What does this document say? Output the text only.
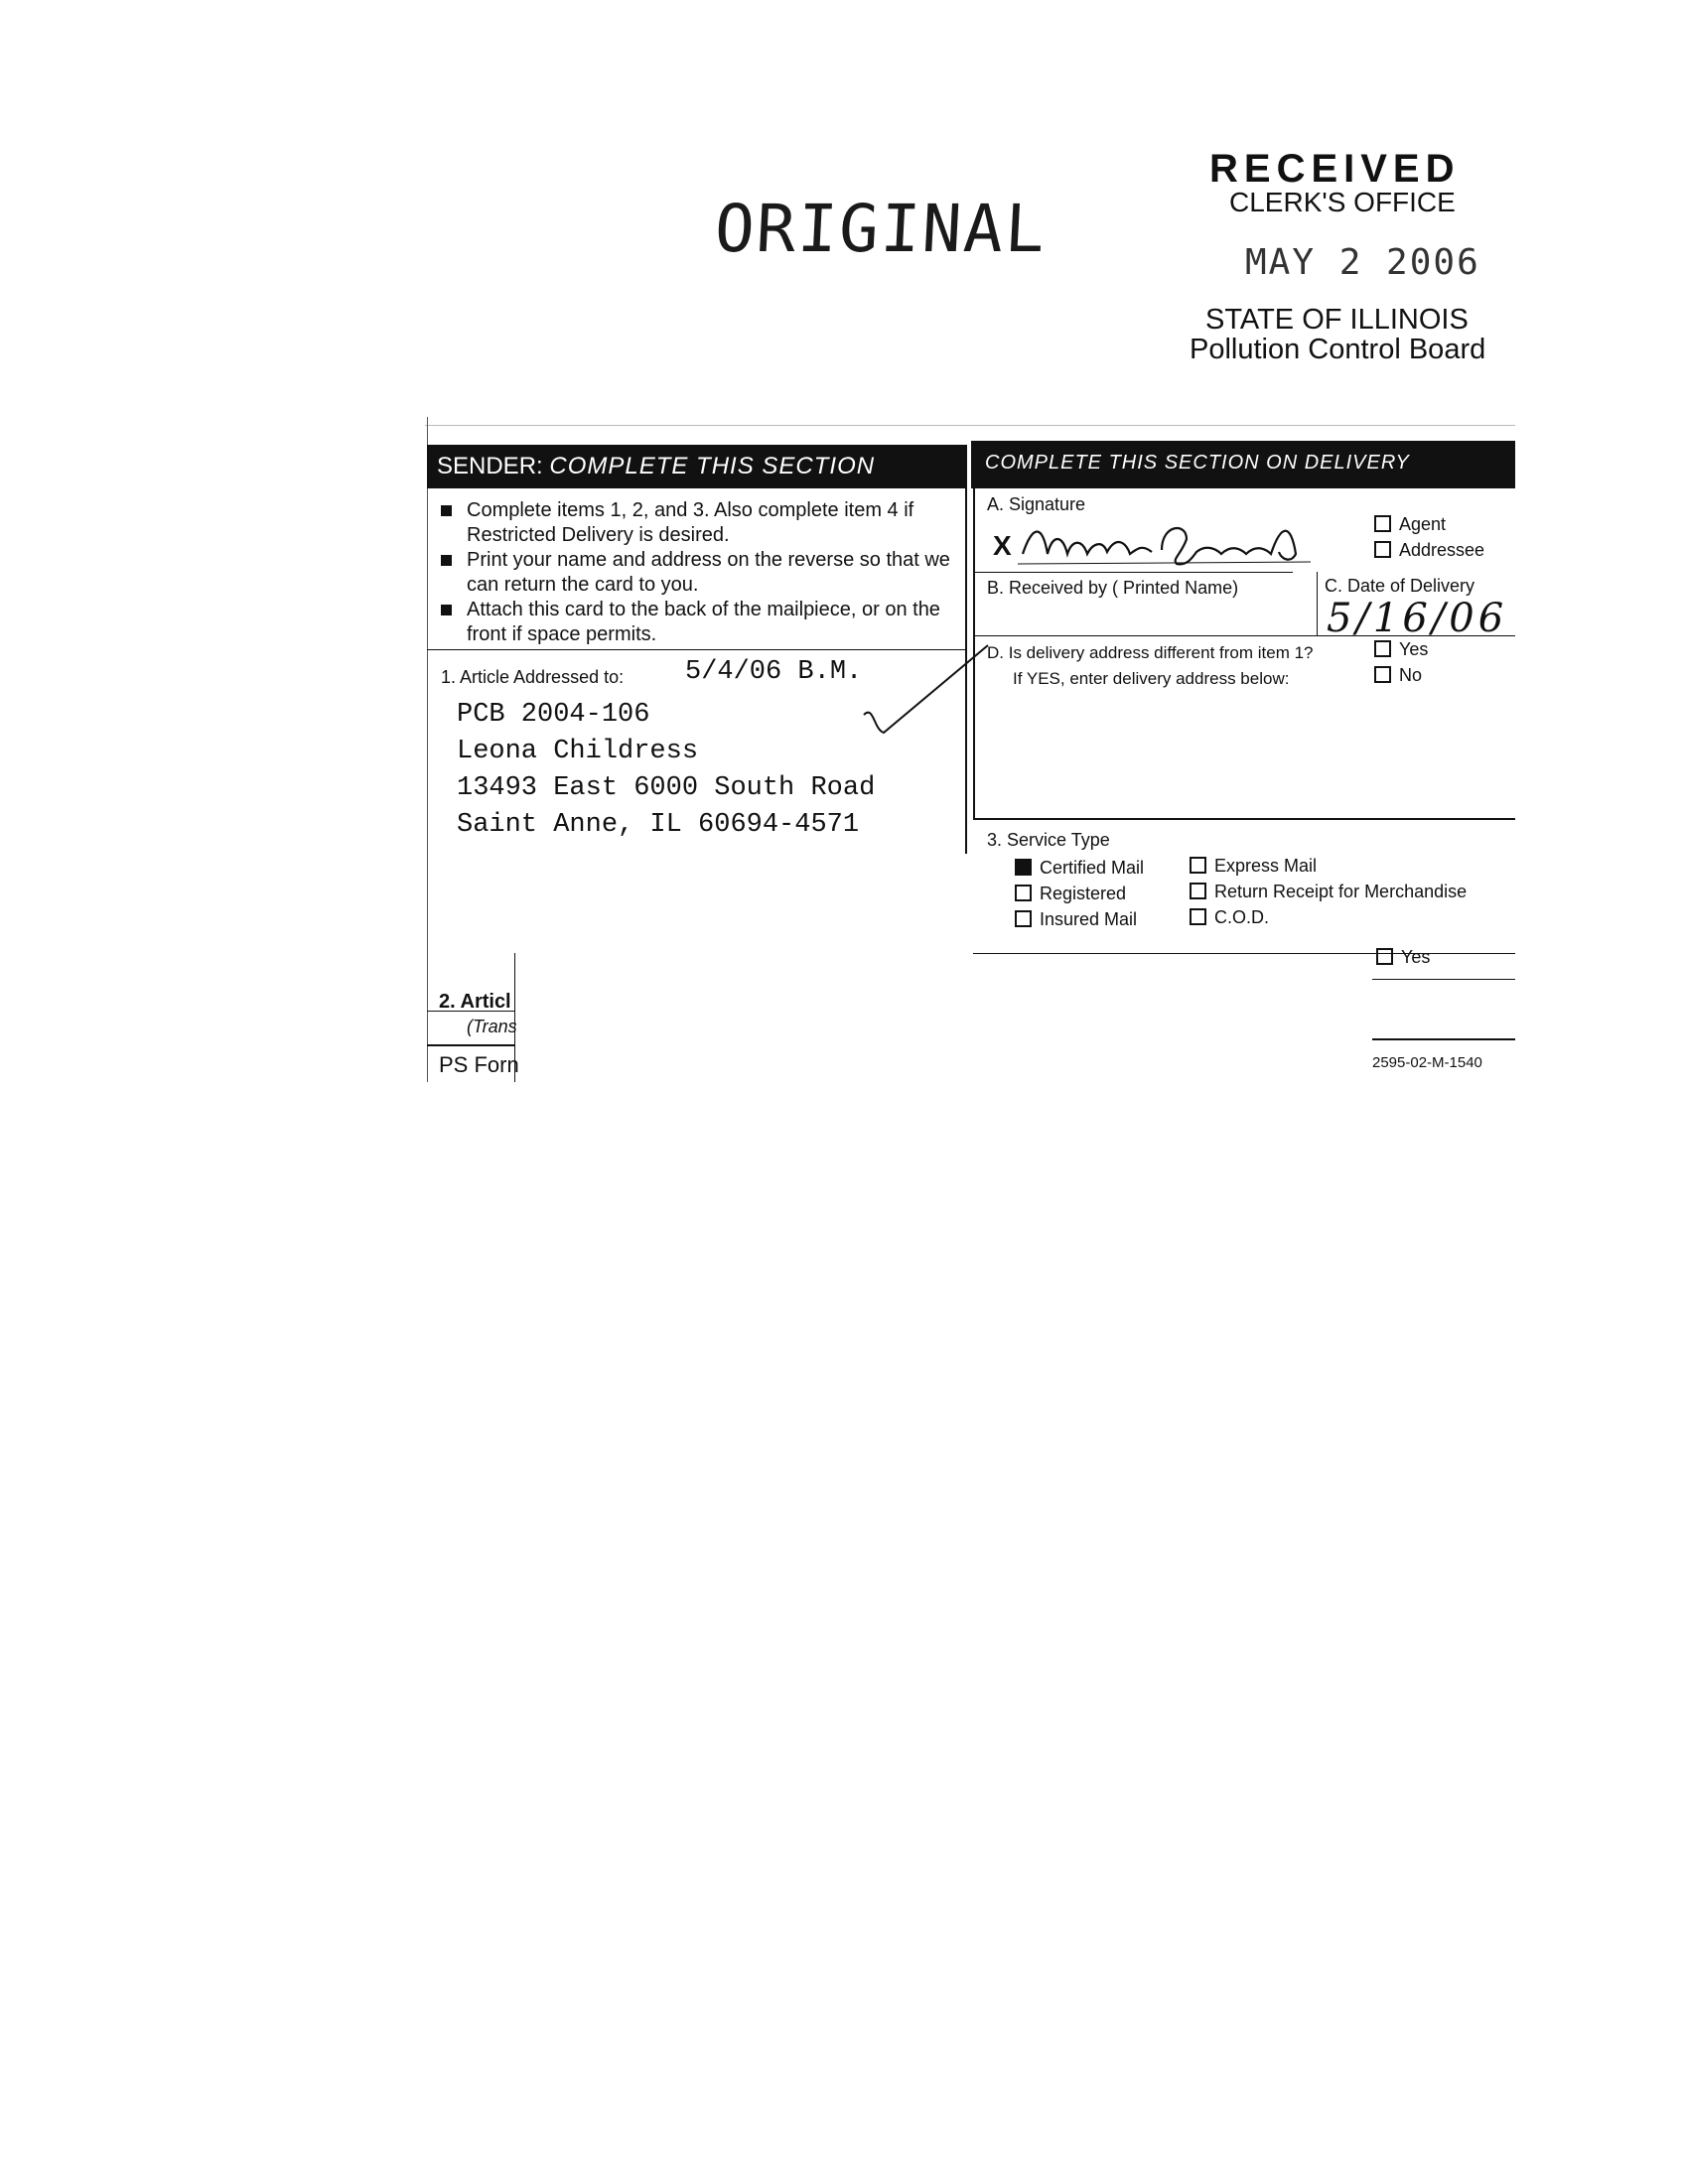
ORIGINAL
RECEIVED
CLERK'S OFFICE
MAY 2 2006
STATE OF ILLINOIS
Pollution Control Board
SENDER: COMPLETE THIS SECTION
Complete items 1, 2, and 3. Also complete item 4 if Restricted Delivery is desired.
Print your name and address on the reverse so that we can return the card to you.
Attach this card to the back of the mailpiece, or on the front if space permits.
1. Article Addressed to: 5/4/06 B.M.
PCB 2004-106
Leona Childress
13493 East 6000 South Road
Saint Anne, IL 60694-4571
2. Articl
(Trans
PS Forn
COMPLETE THIS SECTION ON DELIVERY
A. Signature
X
Agent
Addressee
B. Received by ( Printed Name)	C. Date of Delivery
5/16/06
D. Is delivery address different from item 1?
If YES, enter delivery address below:
Yes
No
3. Service Type
Certified Mail
Registered
Insured Mail
Express Mail
Return Receipt for Merchandise
C.O.D.
Yes
2595-02-M-1540
